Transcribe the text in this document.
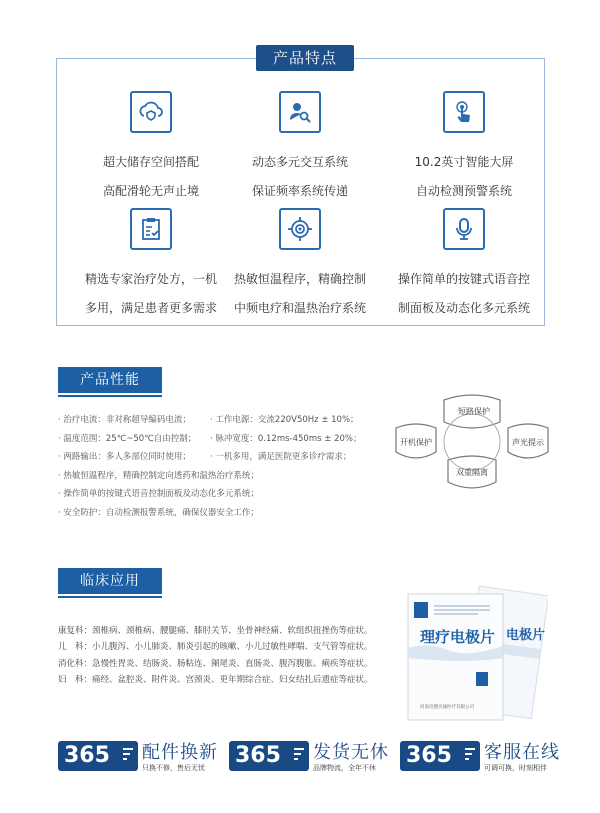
产品特点
超大储存空间搭配
高配滑轮无声止境
动态多元交互系统
保证频率系统传递
10.2英寸智能大屏
自动检测预警系统
精选专家治疗处方，一机
多用，满足患者更多需求
热敏恒温程序，精确控制
中频电疗和温热治疗系统
操作简单的按键式语音控
制面板及动态化多元系统
产品性能
· 治疗电流：非对称超导编码电流； · 工作电源：交流220V50Hz ± 10%；
· 温度范围：25℃~50℃自由控制； · 脉冲宽度：0.12ms-450ms ± 20%；
· 两路输出：多人多部位同时使用； · 一机多用，满足医院更多诊疗需求；
· 热敏恒温程序，精确控制定向透药和温热治疗系统；
· 操作简单的按键式语音控制面板及动态化多元系统；
· 安全防护：自动检测报警系统，确保仪器安全工作；
短路保护
开机保护	声光提示
双重隔离
临床应用
康复科：颈椎病、颈椎病、腰腿痛、膝肘关节、坐骨神经痛、软组织扭挫伤等症状。
儿　科：小儿腹泻、小儿肺炎、肺炎引起的咳嗽、小儿过敏性哮喘、支气管等症状。
消化科：急慢性胃炎、结肠炎、肠粘连、阑尾炎、直肠炎、腹泻腹胀、痢疾等症状。
妇　科：痛经、盆腔炎、附件炎、宫颈炎、更年期综合症、妇女结扎后遗症等症状。
理疗电极片 电极片
河南迈德贝通医疗有限公司
365	配件换新
只换不修，售后无忧 365	发货无休
品牌物流，全年不休 365	客服在线
可调可换，时刻相伴
